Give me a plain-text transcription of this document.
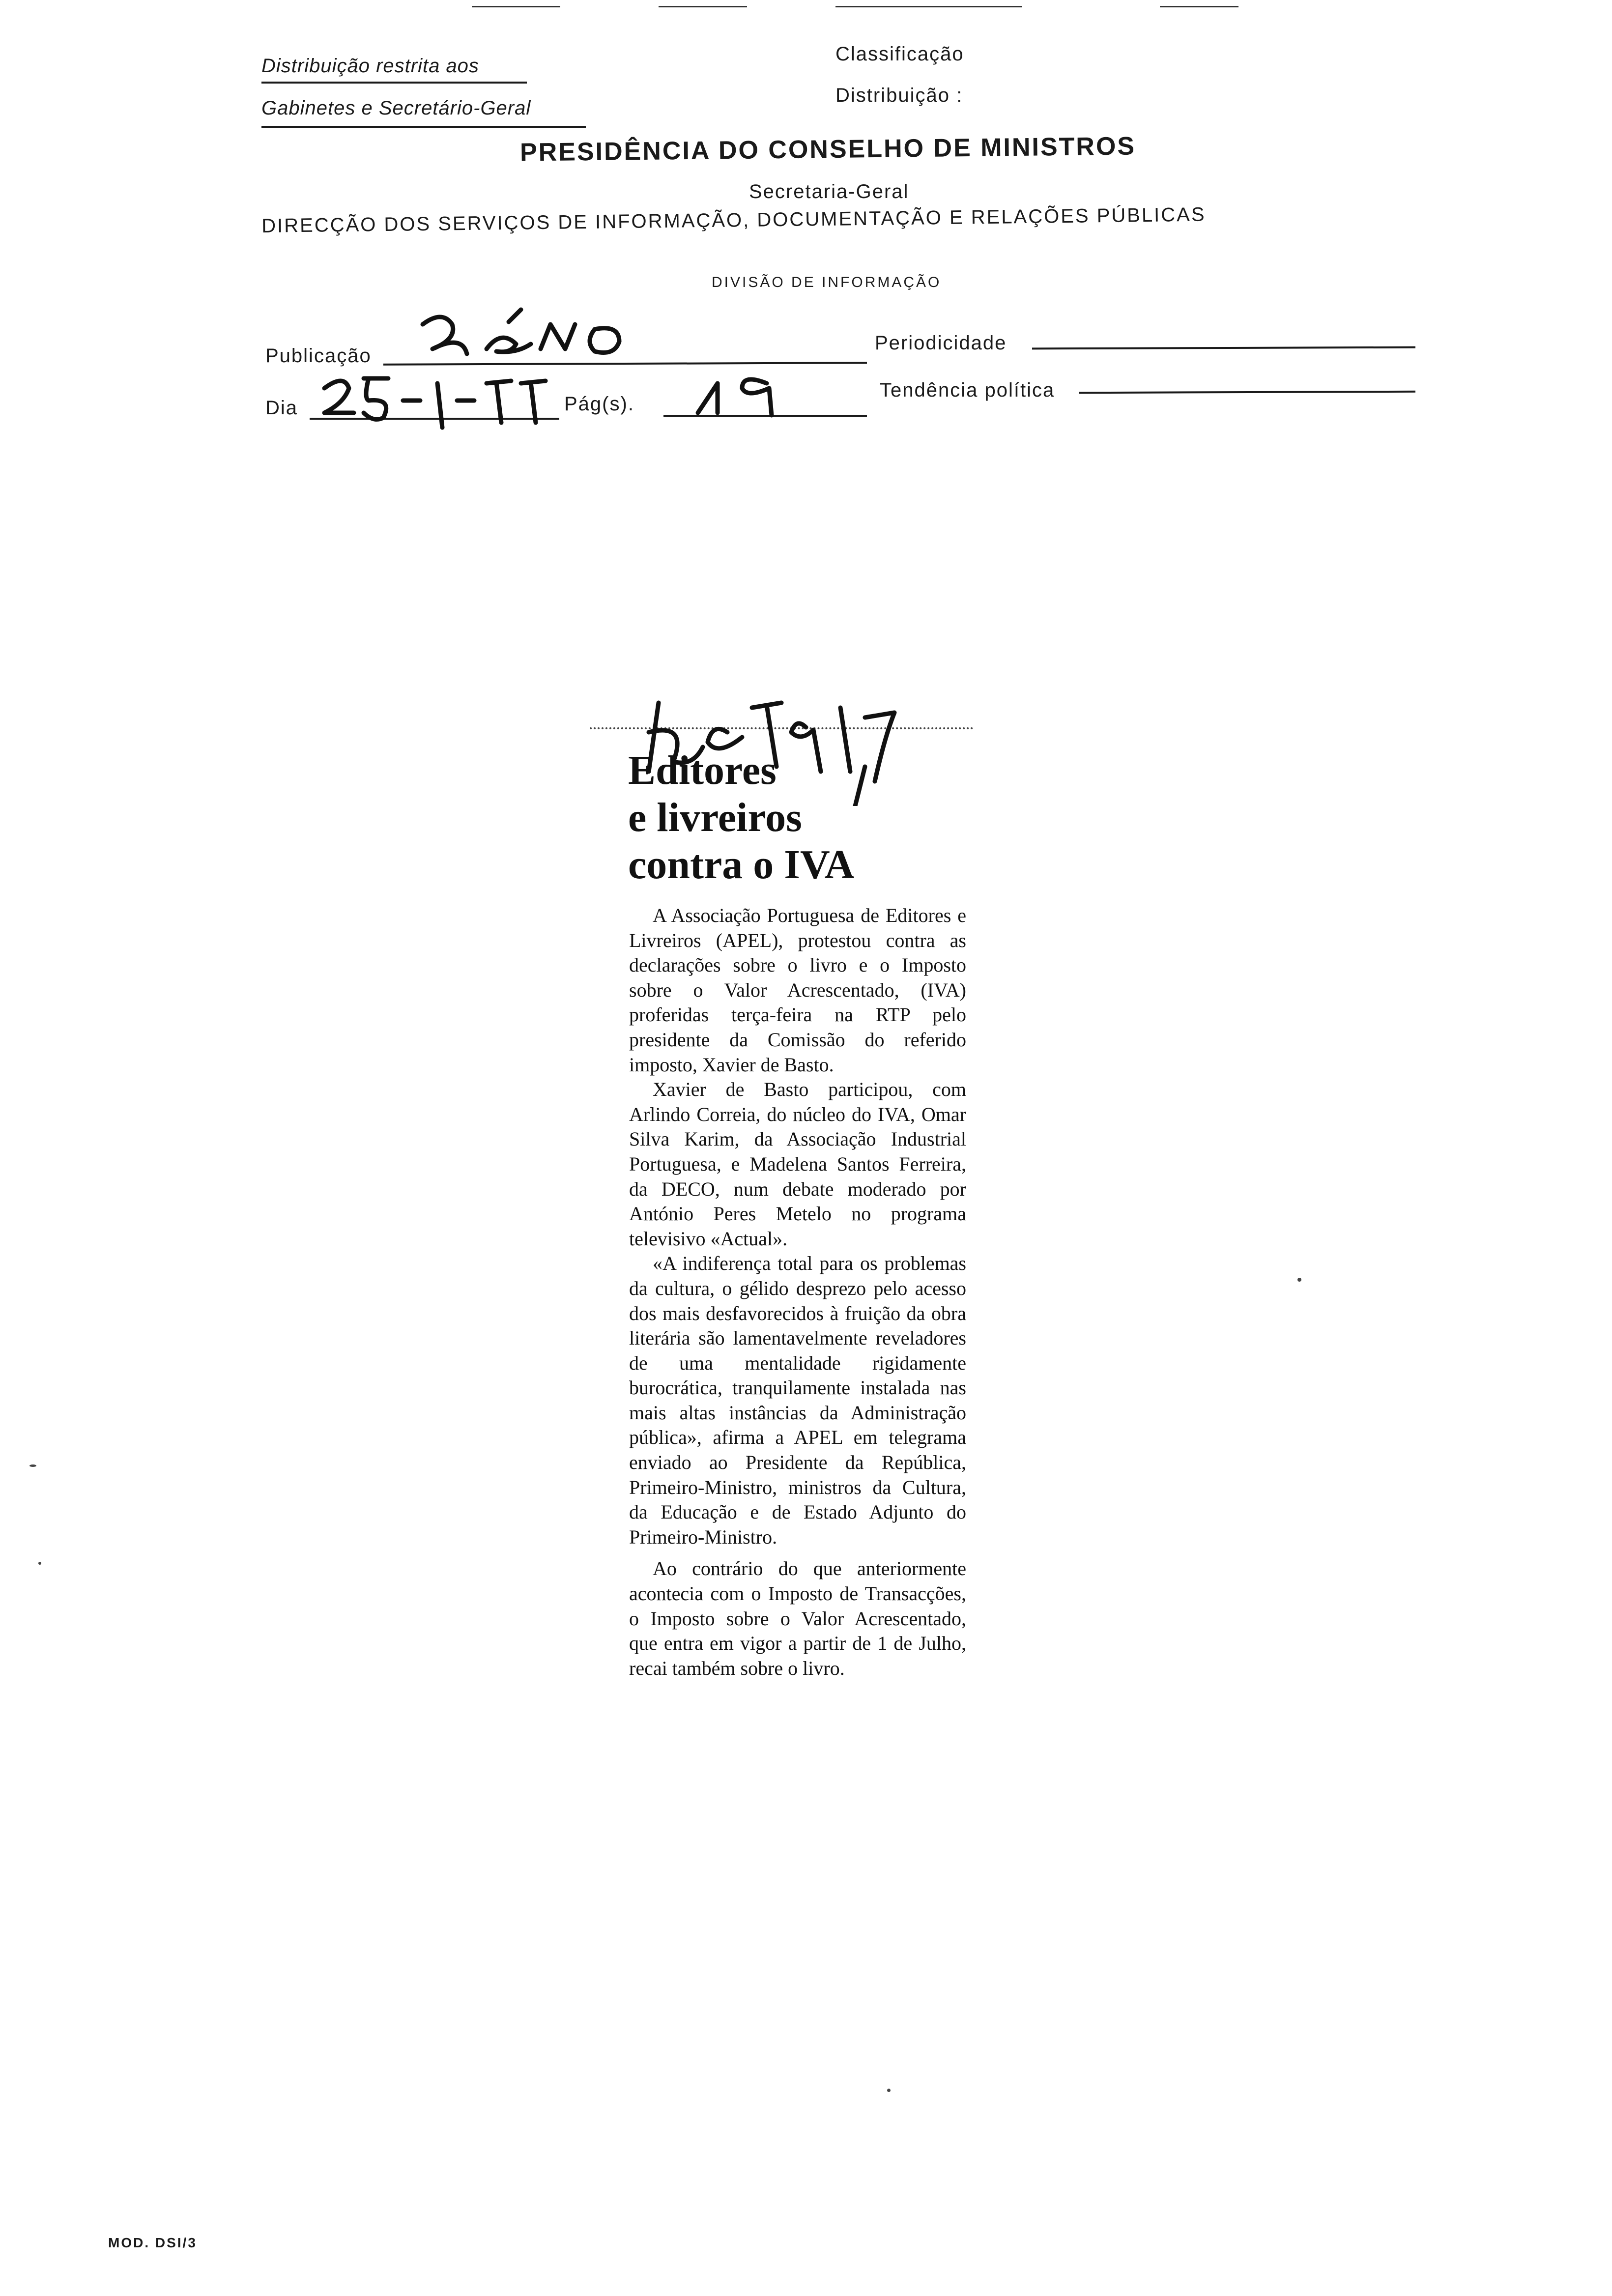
Distribuição restrita aos
Gabinetes e Secretário-Geral
Classificação
Distribuição :
PRESIDÊNCIA DO CONSELHO DE MINISTROS
Secretaria-Geral
DIRECÇÃO DOS SERVIÇOS DE INFORMAÇÃO, DOCUMENTAÇÃO E RELAÇÕES PÚBLICAS
DIVISÃO DE INFORMAÇÃO
Publicação
Periodicidade
Dia	Pág(s).
Tendência política
Editores
e livreiros
contra o IVA

A Associação Portuguesa de Editores e Livreiros (APEL), protestou contra as declarações sobre o livro e o Imposto sobre o Valor Acrescentado, (IVA) proferidas terça-feira na RTP pelo presidente da Comissão do referido imposto, Xavier de Basto.

Xavier de Basto participou, com Arlindo Correia, do núcleo do IVA, Omar Silva Karim, da Associação Industrial Portuguesa, e Madelena Santos Ferreira, da DECO, num debate moderado por António Peres Metelo no programa televisivo «Actual».

«A indiferença total para os problemas da cultura, o gélido desprezo pelo acesso dos mais desfavorecidos à fruição da obra literária são lamentavelmente reveladores de uma mentalidade rigidamente burocrática, tranquilamente instalada nas mais altas instâncias da Administração pública», afirma a APEL em telegrama enviado ao Presidente da República, Primeiro-Ministro, ministros da Cultura, da Educação e de Estado Adjunto do Primeiro-Ministro.

Ao contrário do que anteriormente acontecia com o Imposto de Transacções, o Imposto sobre o Valor Acrescentado, que entra em vigor a partir de 1 de Julho, recai também sobre o livro.

MOD. DSI/3
